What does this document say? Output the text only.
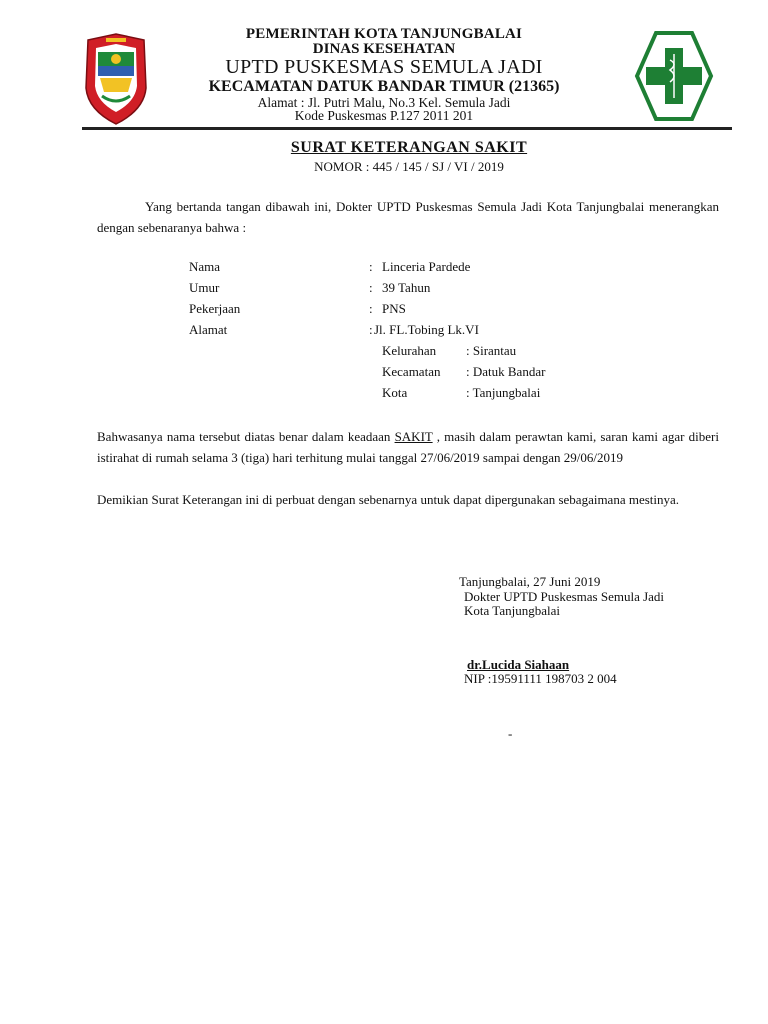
PEMERINTAH KOTA TANJUNGBALAI
DINAS KESEHATAN
UPTD PUSKESMAS SEMULA JADI
KECAMATAN DATUK BANDAR TIMUR (21365)
Alamat : Jl. Putri Malu, No.3 Kel. Semula Jadi
Kode Puskesmas P.127 2011 201
SURAT KETERANGAN SAKIT
NOMOR : 445 / 145 / SJ / VI / 2019
Yang bertanda tangan dibawah ini, Dokter UPTD Puskesmas Semula Jadi Kota Tanjungbalai menerangkan dengan sebenaranya bahwa :
Nama	: Linceria Pardede
Umur	: 39 Tahun
Pekerjaan	: PNS
Alamat	: Jl. FL.Tobing Lk.VI
Kelurahan : Sirantau
Kecamatan : Datuk Bandar
Kota	: Tanjungbalai
Bahwasanya nama tersebut diatas benar dalam keadaan SAKIT , masih dalam perawtan kami, saran kami agar diberi istirahat di rumah selama 3 (tiga) hari terhitung mulai tanggal 27/06/2019 sampai dengan 29/06/2019
Demikian Surat Keterangan ini di perbuat dengan sebenarnya untuk dapat dipergunakan sebagaimana mestinya.
Tanjungbalai, 27 Juni 2019
Dokter UPTD Puskesmas Semula Jadi
Kota Tanjungbalai
dr.Lucida Siahaan
NIP :19591111 198703 2 004
-
